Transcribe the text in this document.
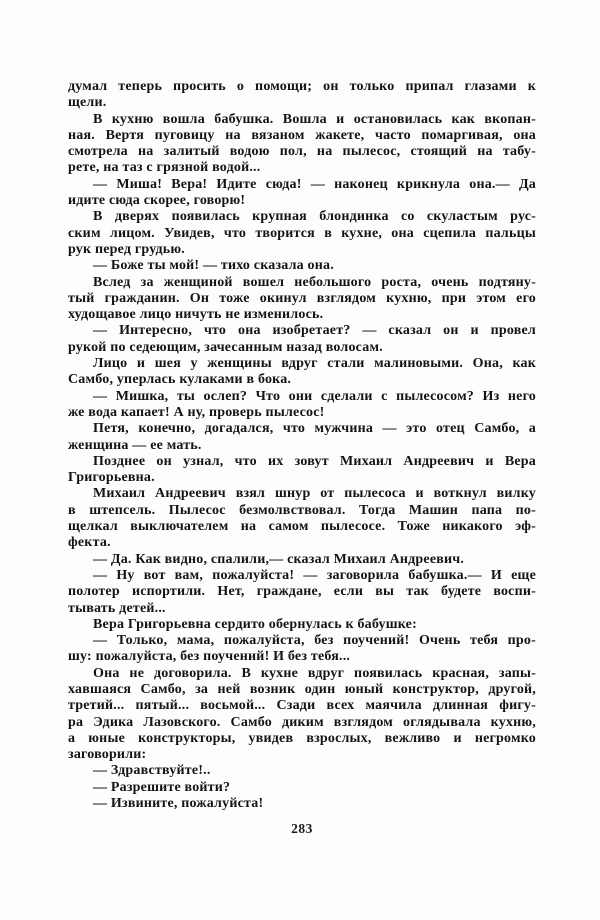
думал теперь просить о помощи; он только припал глазами к
щели.
В кухню вошла бабушка. Вошла и остановилась как вкопан-
ная. Вертя пуговицу на вязаном жакете, часто помаргивая, она
смотрела на залитый водою пол, на пылесос, стоящий на табу-
рете, на таз с грязной водой...
— Миша! Вера! Идите сюда! — наконец крикнула она.— Да
идите сюда скорее, говорю!
В дверях появилась крупная блондинка со скуластым рус-
ским лицом. Увидев, что творится в кухне, она сцепила пальцы
рук перед грудью.
— Боже ты мой! — тихо сказала она.
Вслед за женщиной вошел небольшого роста, очень подтяну-
тый гражданин. Он тоже окинул взглядом кухню, при этом его
худощавое лицо ничуть не изменилось.
— Интересно, что она изобретает? — сказал он и провел
рукой по седеющим, зачесанным назад волосам.
Лицо и шея у женщины вдруг стали малиновыми. Она, как
Самбо, уперлась кулаками в бока.
— Мишка, ты ослеп? Что они сделали с пылесосом? Из него
же вода капает! А ну, проверь пылесос!
Петя, конечно, догадался, что мужчина — это отец Самбо, а
женщина — ее мать.
Позднее он узнал, что их зовут Михаил Андреевич и Вера
Григорьевна.
Михаил Андреевич взял шнур от пылесоса и воткнул вилку
в штепсель. Пылесос безмолвствовал. Тогда Машин папа по-
щелкал выключателем на самом пылесосе. Тоже никакого эф-
фекта.
— Да. Как видно, спалили,— сказал Михаил Андреевич.
— Ну вот вам, пожалуйста! — заговорила бабушка.— И еще
полотер испортили. Нет, граждане, если вы так будете воспи-
тывать детей...
Вера Григорьевна сердито обернулась к бабушке:
— Только, мама, пожалуйста, без поучений! Очень тебя про-
шу: пожалуйста, без поучений! И без тебя...
Она не договорила. В кухне вдруг появилась красная, запы-
хавшаяся Самбо, за ней возник один юный конструктор, другой,
третий... пятый... восьмой... Сзади всех маячила длинная фигу-
ра Эдика Лазовского. Самбо диким взглядом оглядывала кухню,
а юные конструкторы, увидев взрослых, вежливо и негромко
заговорили:
— Здравствуйте!..
— Разрешите войти?
— Извините, пожалуйста!
283
